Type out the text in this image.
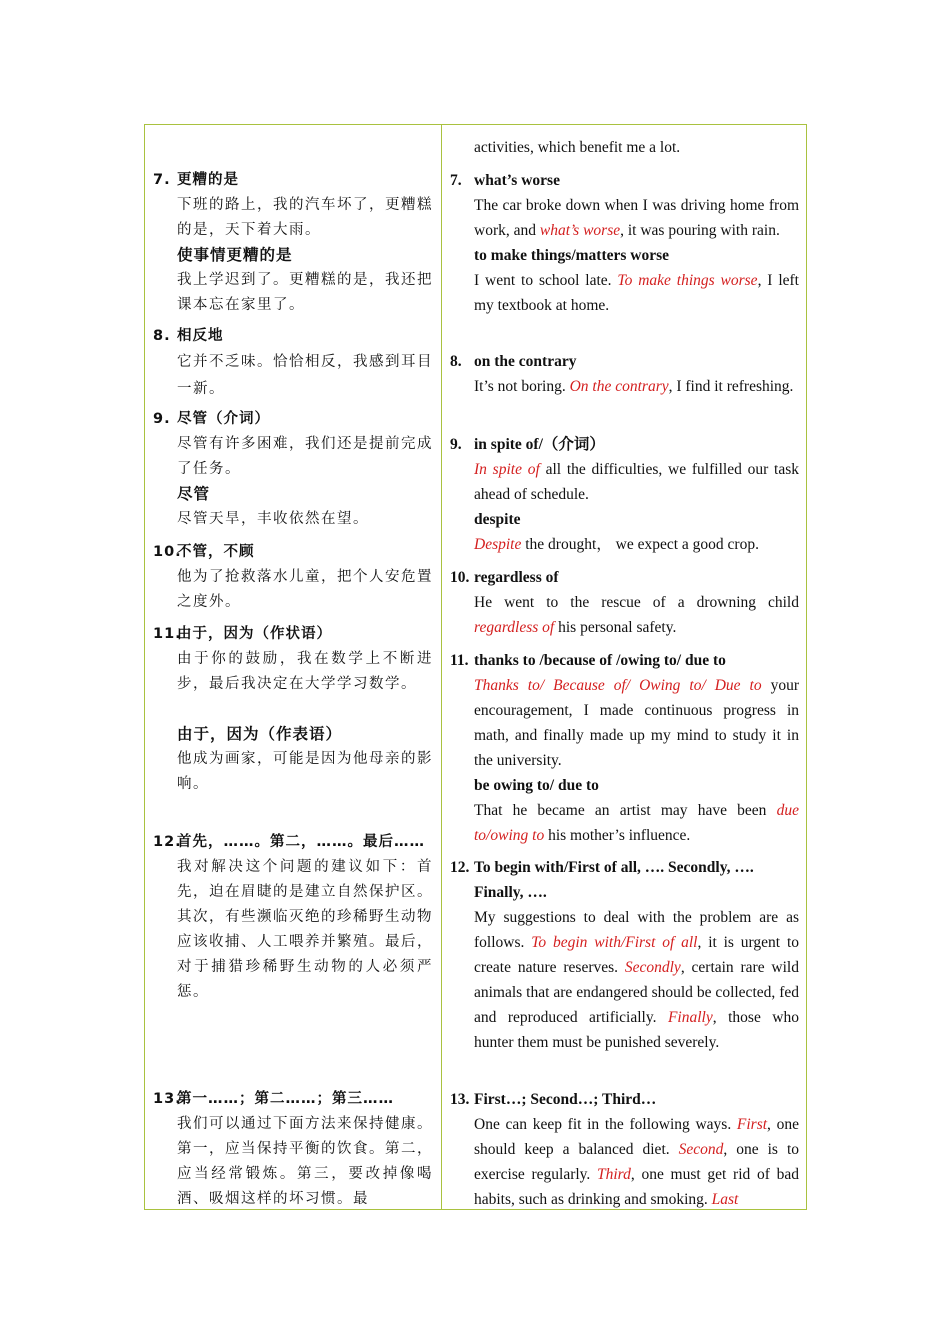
7. 更糟的是
下班的路上，我的汽车坏了，更糟糕的是，天下着大雨。
使事情更糟的是
我上学迟到了。更糟糕的是，我还把课本忘在家里了。
8. 相反地
它并不乏味。恰恰相反，我感到耳目一新。
9. 尽管（介词）
尽管有许多困难，我们还是提前完成了任务。
尽管
尽管天旱，丰收依然在望。
10.
不管，不顾
他为了抢救落水儿童，把个人安危置之度外。
11.
由于，因为（作状语）
由于你的鼓励，我在数学上不断进步，最后我决定在大学学习数学。
由于，因为（作表语）
他成为画家，可能是因为他母亲的影响。
12.
首先，……。第二，……。最后……
我对解决这个问题的建议如下：首先，迫在眉睫的是建立自然保护区。其次，有些濒临灭绝的珍稀野生动物应该收捕、人工喂养并繁殖。最后，对于捕猎珍稀野生动物的人必须严惩。
13.
第一……；第二……；第三……
我们可以通过下面方法来保持健康。第一，应当保持平衡的饮食。第二，应当经常锻炼。第三，要改掉像喝酒、吸烟这样的坏习惯。最
activities, which benefit me a lot.
7. what’s worse
The car broke down when I was driving home from work, and what’s worse, it was pouring with rain.
to make things/matters worse
I went to school late. To make things worse, I left my textbook at home.
8. on the contrary
It’s not boring. On the contrary, I find it refreshing.
9. in spite of/（介词）
In spite of all the difficulties, we fulfilled our task ahead of schedule.
despite
Despite the drought， we expect a good crop.
10. regardless of
He went to the rescue of a drowning child regardless of his personal safety.
11. thanks to /because of /owing to/ due to
Thanks to/ Because of/ Owing to/ Due to your encouragement, I made continuous progress in math, and finally made up my mind to study it in the university.
be owing to/ due to
That he became an artist may have been due to/owing to his mother’s influence.
12. To begin with/First of all, …. Secondly, …. Finally, ….
My suggestions to deal with the problem are as follows. To begin with/First of all, it is urgent to create nature reserves. Secondly, certain rare wild animals that are endangered should be collected, fed and reproduced artificially. Finally, those who hunter them must be punished severely.
13. First…; Second…; Third…
One can keep fit in the following ways. First, one should keep a balanced diet. Second, one is to exercise regularly. Third, one must get rid of bad habits, such as drinking and smoking. Last
